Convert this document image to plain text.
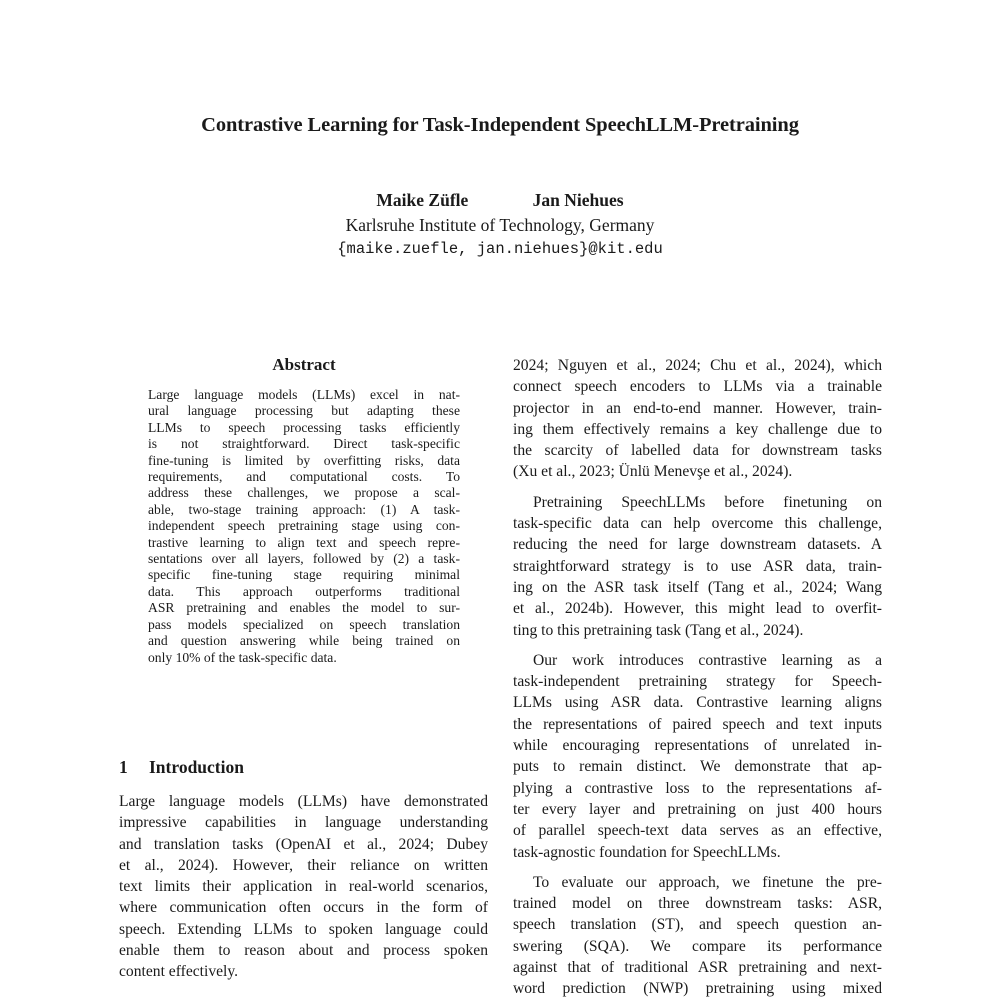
Contrastive Learning for Task-Independent SpeechLLM-Pretraining
Maike Züfle	Jan Niehues
Karlsruhe Institute of Technology, Germany
{maike.zuefle, jan.niehues}@kit.edu
Abstract
Large language models (LLMs) excel in nat-
ural language processing but adapting these
LLMs to speech processing tasks efficiently
is not straightforward. Direct task-specific
fine-tuning is limited by overfitting risks, data
requirements, and computational costs. To
address these challenges, we propose a scal-
able, two-stage training approach: (1) A task-
independent speech pretraining stage using con-
trastive learning to align text and speech repre-
sentations over all layers, followed by (2) a task-
specific fine-tuning stage requiring minimal
data. This approach outperforms traditional
ASR pretraining and enables the model to sur-
pass models specialized on speech translation
and question answering while being trained on
only 10% of the task-specific data.
1 Introduction
Large language models (LLMs) have demonstrated
impressive capabilities in language understanding
and translation tasks (OpenAI et al., 2024; Dubey
et al., 2024). However, their reliance on written
text limits their application in real-world scenarios,
where communication often occurs in the form of
speech. Extending LLMs to spoken language could
enable them to reason about and process spoken
content effectively.
2024; Nguyen et al., 2024; Chu et al., 2024), which
connect speech encoders to LLMs via a trainable
projector in an end-to-end manner. However, train-
ing them effectively remains a key challenge due to
the scarcity of labelled data for downstream tasks
(Xu et al., 2023; Ünlü Menevşe et al., 2024).
Pretraining SpeechLLMs before finetuning on
task-specific data can help overcome this challenge,
reducing the need for large downstream datasets. A
straightforward strategy is to use ASR data, train-
ing on the ASR task itself (Tang et al., 2024; Wang
et al., 2024b). However, this might lead to overfit-
ting to this pretraining task (Tang et al., 2024).
Our work introduces contrastive learning as a
task-independent pretraining strategy for Speech-
LLMs using ASR data. Contrastive learning aligns
the representations of paired speech and text inputs
while encouraging representations of unrelated in-
puts to remain distinct. We demonstrate that ap-
plying a contrastive loss to the representations af-
ter every layer and pretraining on just 400 hours
of parallel speech-text data serves as an effective,
task-agnostic foundation for SpeechLLMs.
To evaluate our approach, we finetune the pre-
trained model on three downstream tasks: ASR,
speech translation (ST), and speech question an-
swering (SQA). We compare its performance
against that of traditional ASR pretraining and next-
word prediction (NWP) pretraining using mixed
